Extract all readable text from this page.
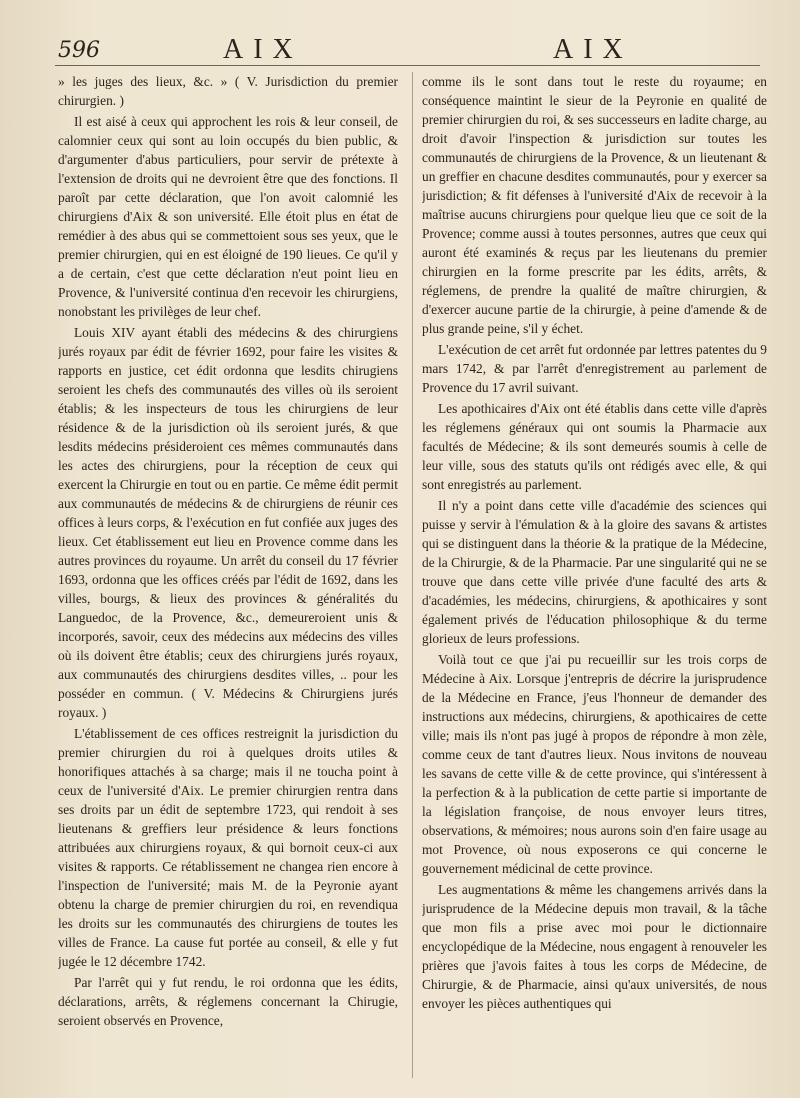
596	AIX	AIX

» les juges des lieux, &c. » ( V. Jurisdiction du premier chirurgien. )

Il est aisé à ceux qui approchent les rois & leur conseil, de calomnier ceux qui sont au loin occupés du bien public, & d'argumenter d'abus particuliers, pour servir de prétexte à l'extension de droits qui ne devroient être que des fonctions. Il paroît par cette déclaration, que l'on avoit calomnié les chirurgiens d'Aix & son université. Elle étoit plus en état de remédier à des abus qui se commettoient sous ses yeux, que le premier chirurgien, qui en est éloigné de 190 lieues. Ce qu'il y a de certain, c'est que cette déclaration n'eut point lieu en Provence, & l'université continua d'en recevoir les chirurgiens, nonobstant les privilèges de leur chef.

Louis XIV ayant établi des médecins & des chirurgiens jurés royaux par édit de février 1692, pour faire les visites & rapports en justice, cet édit ordonna que lesdits chirugiens seroient les chefs des communautés des villes où ils seroient établis; & les inspecteurs de tous les chirurgiens de leur résidence & de la jurisdiction où ils seroient jurés, & que lesdits médecins présideroient ces mêmes communautés dans les actes des chirurgiens, pour la réception de ceux qui exercent la Chirurgie en tout ou en partie. Ce même édit permit aux communautés de médecins & de chirurgiens de réunir ces offices à leurs corps, & l'exécution en fut confiée aux juges des lieux. Cet établissement eut lieu en Provence comme dans les autres provinces du royaume. Un arrêt du conseil du 17 février 1693, ordonna que les offices créés par l'édit de 1692, dans les villes, bourgs, & lieux des provinces & généralités du Languedoc, de la Provence, &c., demeureroient unis & incorporés, savoir, ceux des médecins aux médecins des villes où ils doivent être établis; ceux des chirurgiens jurés royaux, aux communautés des chirurgiens desdites villes, .. pour les posséder en commun. ( V. Médecins & Chirurgiens jurés royaux. )

L'établissement de ces offices restreignit la jurisdiction du premier chirurgien du roi à quelques droits utiles & honorifiques attachés à sa charge; mais il ne toucha point à ceux de l'université d'Aix. Le premier chirurgien rentra dans ses droits par un édit de septembre 1723, qui rendoit à ses lieutenans & greffiers leur présidence & leurs fonctions attribuées aux chirurgiens royaux, & qui bornoit ceux-ci aux visites & rapports. Ce rétablissement ne changea rien encore à l'inspection de l'université; mais M. de la Peyronie ayant obtenu la charge de premier chirurgien du roi, en revendiqua les droits sur les communautés des chirurgiens de toutes les villes de France. La cause fut portée au conseil, & elle y fut jugée le 12 décembre 1742.

Par l'arrêt qui y fut rendu, le roi ordonna que les édits, déclarations, arrêts, & réglemens concernant la Chirugie, seroient observés en Provence,

comme ils le sont dans tout le reste du royaume; en conséquence maintint le sieur de la Peyronie en qualité de premier chirurgien du roi, & ses successeurs en ladite charge, au droit d'avoir l'inspection & jurisdiction sur toutes les communautés de chirurgiens de la Provence, & un lieutenant & un greffier en chacune desdites communautés, pour y exercer sa jurisdiction; & fit défenses à l'université d'Aix de recevoir à la maîtrise aucuns chirurgiens pour quelque lieu que ce soit de la Provence; comme aussi à toutes personnes, autres que ceux qui auront été examinés & reçus par les lieutenans du premier chirurgien en la forme prescrite par les édits, arrêts, & réglemens, de prendre la qualité de maître chirurgien, & d'exercer aucune partie de la chirurgie, à peine d'amende & de plus grande peine, s'il y échet.

L'exécution de cet arrêt fut ordonnée par lettres patentes du 9 mars 1742, & par l'arrêt d'enregistrement au parlement de Provence du 17 avril suivant.

Les apothicaires d'Aix ont été établis dans cette ville d'après les réglemens généraux qui ont soumis la Pharmacie aux facultés de Médecine; & ils sont demeurés soumis à celle de leur ville, sous des statuts qu'ils ont rédigés avec elle, & qui sont enregistrés au parlement.

Il n'y a point dans cette ville d'académie des sciences qui puisse y servir à l'émulation & à la gloire des savans & artistes qui se distinguent dans la théorie & la pratique de la Médecine, de la Chirurgie, & de la Pharmacie. Par une singularité qui ne se trouve que dans cette ville privée d'une faculté des arts & d'académies, les médecins, chirurgiens, & apothicaires y sont également privés de l'éducation philosophique & du terme glorieux de leurs professions.

Voilà tout ce que j'ai pu recueillir sur les trois corps de Médecine à Aix. Lorsque j'entrepris de décrire la jurisprudence de la Médecine en France, j'eus l'honneur de demander des instructions aux médecins, chirurgiens, & apothicaires de cette ville; mais ils n'ont pas jugé à propos de répondre à mon zèle, comme ceux de tant d'autres lieux. Nous invitons de nouveau les savans de cette ville & de cette province, qui s'intéressent à la perfection & à la publication de cette partie si importante de la législation françoise, de nous envoyer leurs titres, observations, & mémoires; nous aurons soin d'en faire usage au mot Provence, où nous exposerons ce qui concerne le gouvernement médicinal de cette province.

Les augmentations & même les changemens arrivés dans la jurisprudence de la Médecine depuis mon travail, & la tâche que mon fils a prise avec moi pour le dictionnaire encyclopédique de la Médecine, nous engagent à renouveler les prières que j'avois faites à tous les corps de Médecine, de Chirurgie, & de Pharmacie, ainsi qu'aux universités, de nous envoyer les pièces authentiques qui
